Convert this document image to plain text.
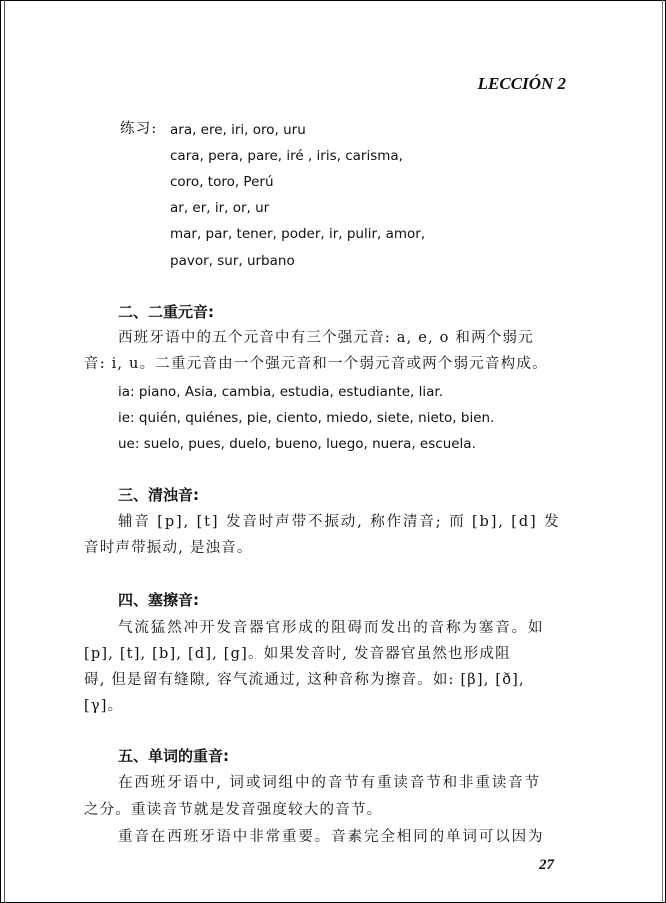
LECCIÓN 2
练习: ara, ere, iri, oro, uru
cara, pera, pare, iré , iris, carisma,
coro, toro, Perú
ar, er, ir, or, ur
mar, par, tener, poder, ir, pulir, amor,
pavor, sur, urbano
二、二重元音:
西班牙语中的五个元音中有三个强元音: a, e, o 和两个弱元
音: i, u。二重元音由一个强元音和一个弱元音或两个弱元音构成。
ia: piano, Asia, cambia, estudia, estudiante, liar.
ie: quién, quiénes, pie, ciento, miedo, siete, nieto, bien.
ue: suelo, pues, duelo, bueno, luego, nuera, escuela.
三、清浊音:
辅音 [p], [t] 发音时声带不振动, 称作清音; 而 [b], [d] 发
音时声带振动, 是浊音。
四、塞擦音:
气流猛然冲开发音器官形成的阻碍而发出的音称为塞音。如
[p], [t], [b], [d], [g]。如果发音时, 发音器官虽然也形成阻
碍, 但是留有缝隙, 容气流通过, 这种音称为擦音。如: [β], [ð],
[γ]。
五、单词的重音:
在西班牙语中, 词或词组中的音节有重读音节和非重读音节
之分。重读音节就是发音强度较大的音节。
重音在西班牙语中非常重要。音素完全相同的单词可以因为
27
